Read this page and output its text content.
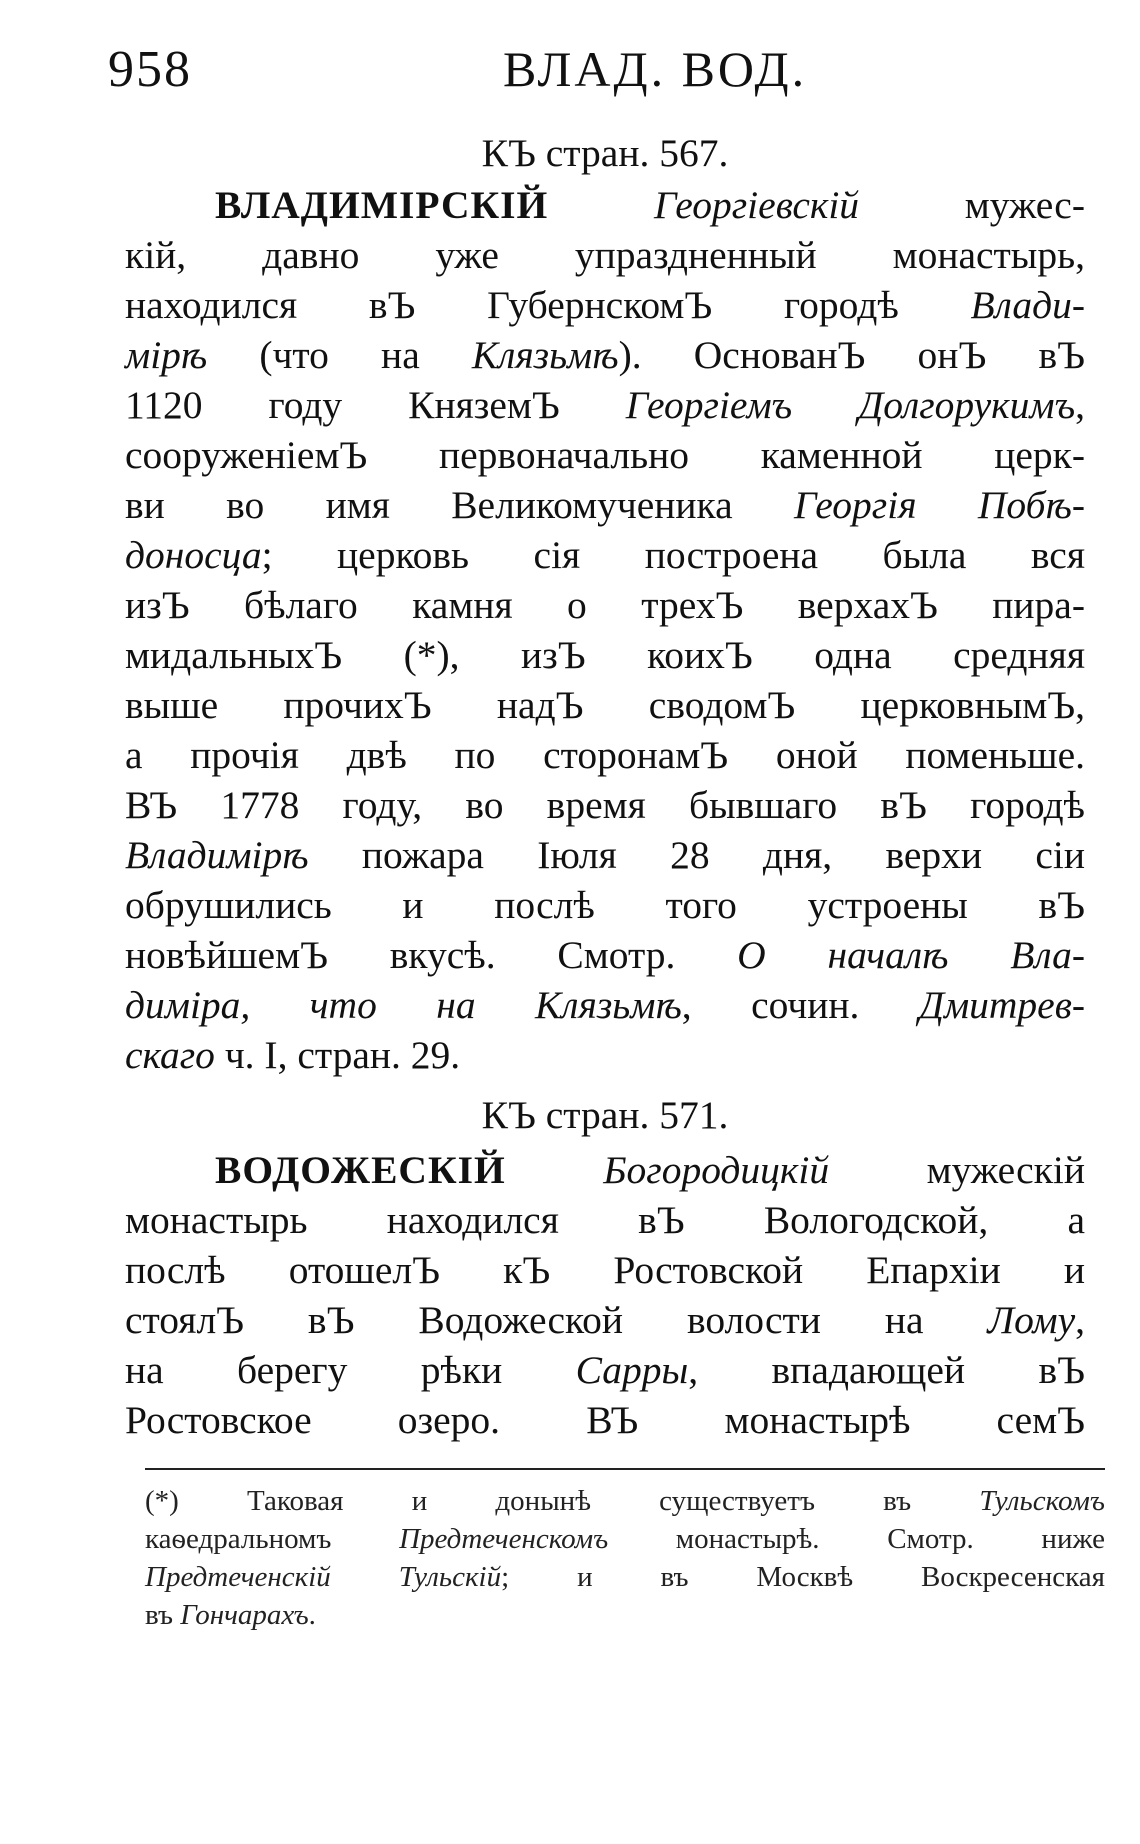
958	ВЛАД. ВОД.
КЪ стран. 567.
ВЛАДИМІРСКІЙ	Георгіевскій мужес-
кій, давно уже упраздненный монастырь,
находился вЪ ГубернскомЪ городѣ Влади-
мірѣ (что на Клязьмѣ). ОснованЪ онЪ вЪ
1120 году КняземЪ Георгіемъ Долгорукимъ,
сооруженіемЪ первоначально каменной церк-
ви во имя Великомученика Георгія Побѣ-
доносца; церковь сія построена была вся
изЪ бѣлаго камня о трехЪ верхахЪ пира-
мидальныхЪ (*), изЪ коихЪ одна средняя
выше прочихЪ надЪ сводомЪ церковнымЪ,
а прочія двѣ по сторонамЪ оной поменьше.
ВЪ 1778 году, во время бывшаго вЪ городѣ
Владимірѣ пожара Іюля 28 дня, верхи сіи
обрушились и послѣ того устроены вЪ
новѣйшемЪ вкусѣ. Смотр. О началѣ Вла-
диміра, что на Клязьмѣ, сочин. Дмитрев-
скаго ч. I, стран. 29.
КЪ стран. 571.
ВОДОЖЕСКІЙ Богородицкій мужескій
монастырь находился вЪ Вологодской, а
послѣ отошелЪ кЪ Ростовской Епархіи и
стоялЪ вЪ Водожеской волости на Лому,
на берегу рѣки Сарры, впадающей вЪ
Ростовское озеро. ВЪ монастырѣ семЪ
(*) Таковая и донынѣ существуетъ въ Тульскомъ
каѳедральномъ Предтеченскомъ монастырѣ. Смотр. ниже
Предтеченскій Тульскій; и въ Москвѣ Воскресенская
въ Гончарахъ.
